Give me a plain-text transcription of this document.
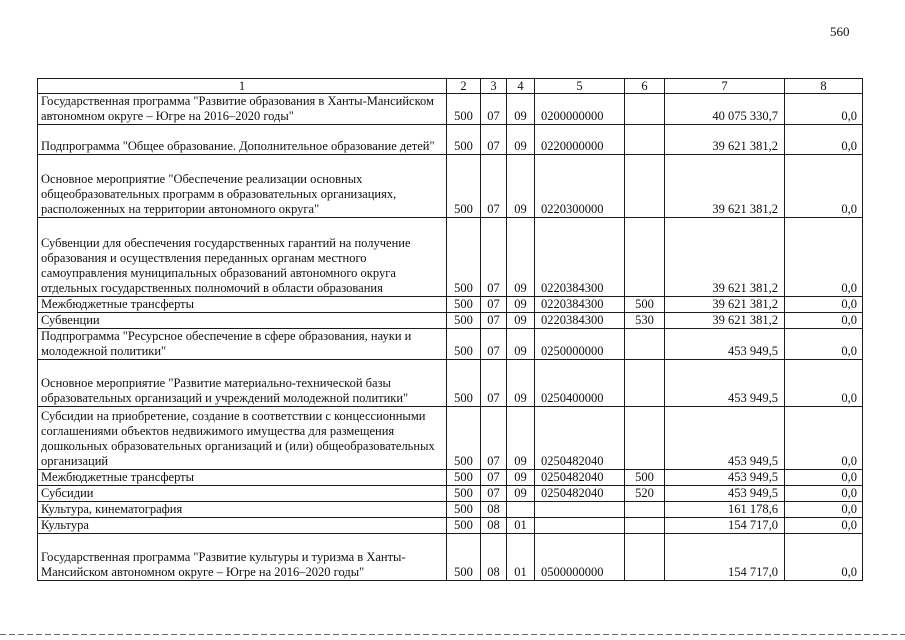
560
1	2	3	4	5	6	7	8
Государственная программа "Развитие образования в Ханты-Мансийском автономном округе – Югре на 2016–2020 годы"	500	07	09	0200000000		40 075 330,7	0,0
Подпрограмма "Общее образование. Дополнительное образование детей"	500	07	09	0220000000		39 621 381,2	0,0
Основное мероприятие "Обеспечение реализации основных общеобразовательных программ в образовательных организациях, расположенных на территории автономного округа"	500	07	09	0220300000		39 621 381,2	0,0
Субвенции для обеспечения государственных гарантий на получение образования и осуществления переданных органам местного самоуправления муниципальных образований автономного округа отдельных государственных полномочий в области образования	500	07	09	0220384300		39 621 381,2	0,0
Межбюджетные трансферты	500	07	09	0220384300	500	39 621 381,2	0,0
Субвенции	500	07	09	0220384300	530	39 621 381,2	0,0
Подпрограмма "Ресурсное обеспечение в сфере образования, науки и молодежной политики"	500	07	09	0250000000		453 949,5	0,0
Основное мероприятие "Развитие материально-технической базы образовательных организаций и учреждений молодежной политики"	500	07	09	0250400000		453 949,5	0,0
Субсидии на приобретение, создание в соответствии с концессионными соглашениями объектов недвижимого имущества для размещения дошкольных образовательных организаций и (или) общеобразовательных организаций	500	07	09	0250482040		453 949,5	0,0
Межбюджетные трансферты	500	07	09	0250482040	500	453 949,5	0,0
Субсидии	500	07	09	0250482040	520	453 949,5	0,0
Культура, кинематография	500	08				161 178,6	0,0
Культура	500	08	01			154 717,0	0,0
Государственная программа "Развитие культуры и туризма в Ханты-Мансийском автономном округе – Югре на 2016–2020 годы"	500	08	01	0500000000		154 717,0	0,0
